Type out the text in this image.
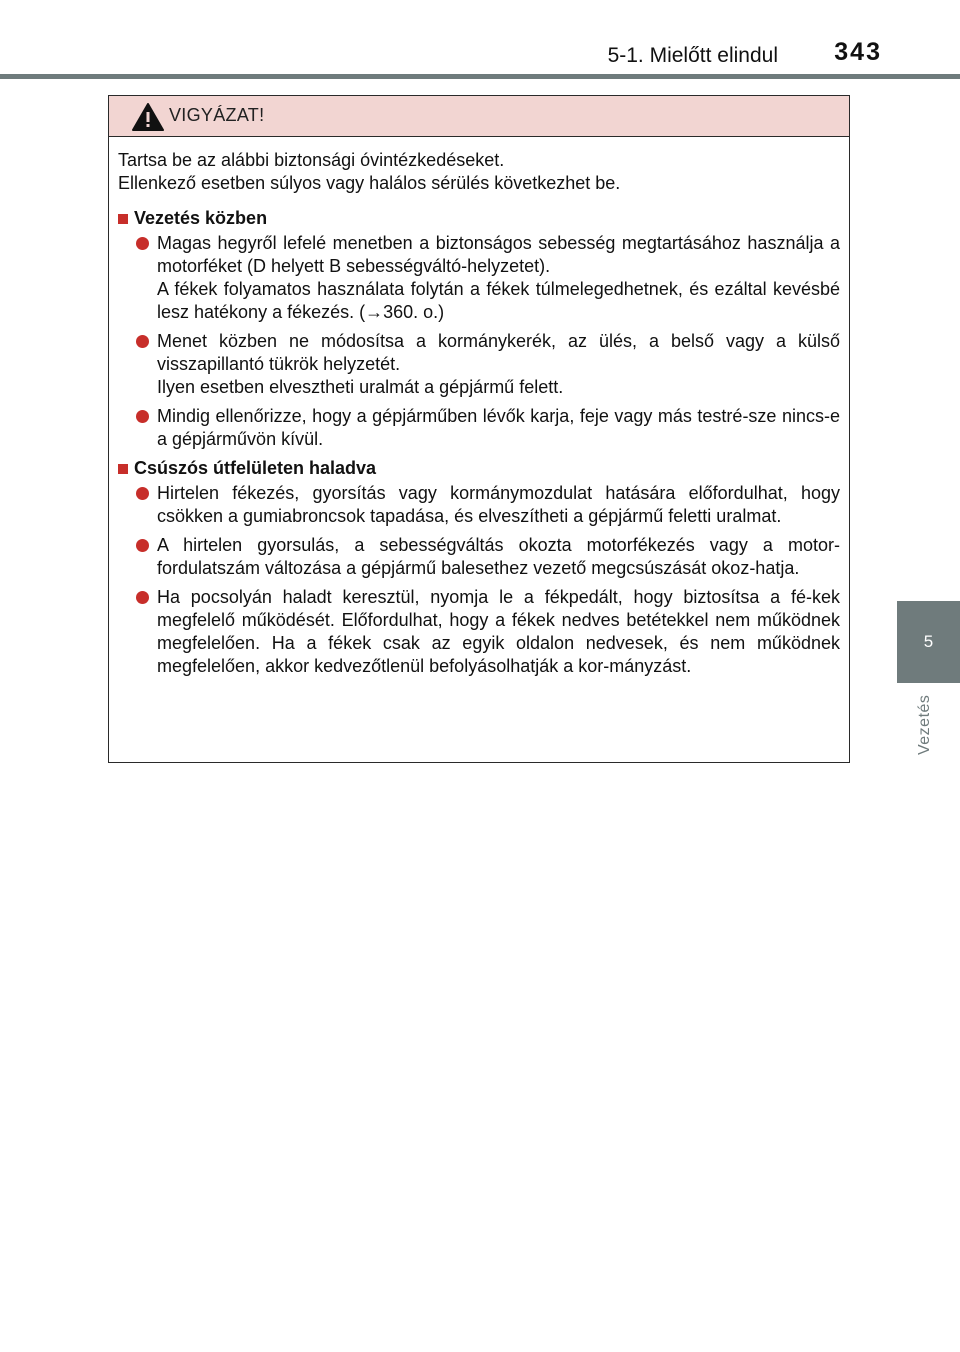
5-1. Mielőtt elindul 343
5
Vezetés
VIGYÁZAT!

Tartsa be az alábbi biztonsági óvintézkedéseket.

Ellenkező esetben súlyos vagy halálos sérülés következhet be.

Vezetés közben

Magas hegyről lefelé menetben a biztonságos sebesség megtartásához használja a motorféket (D helyett B sebességváltó-helyzetet).

A fékek folyamatos használata folytán a fékek túlmelegedhetnek, és ezáltal kevésbé lesz hatékony a fékezés. (→360. o.)

Menet közben ne módosítsa a kormánykerék, az ülés, a belső vagy a külső visszapillantó tükrök helyzetét.

Ilyen esetben elvesztheti uralmát a gépjármű felett.

Mindig ellenőrizze, hogy a gépjárműben lévők karja, feje vagy más testré-sze nincs-e a gépjárművön kívül.

Csúszós útfelületen haladva

Hirtelen fékezés, gyorsítás vagy kormánymozdulat hatására előfordulhat, hogy csökken a gumiabroncsok tapadása, és elveszítheti a gépjármű feletti uralmat.

A hirtelen gyorsulás, a sebességváltás okozta motorfékezés vagy a motor-fordulatszám változása a gépjármű balesethez vezető megcsúszását okoz-hatja.

Ha pocsolyán haladt keresztül, nyomja le a fékpedált, hogy biztosítsa a fé-kek megfelelő működését. Előfordulhat, hogy a fékek nedves betétekkel nem működnek megfelelően. Ha a fékek csak az egyik oldalon nedvesek, és nem működnek megfelelően, akkor kedvezőtlenül befolyásolhatják a kor-mányzást.
